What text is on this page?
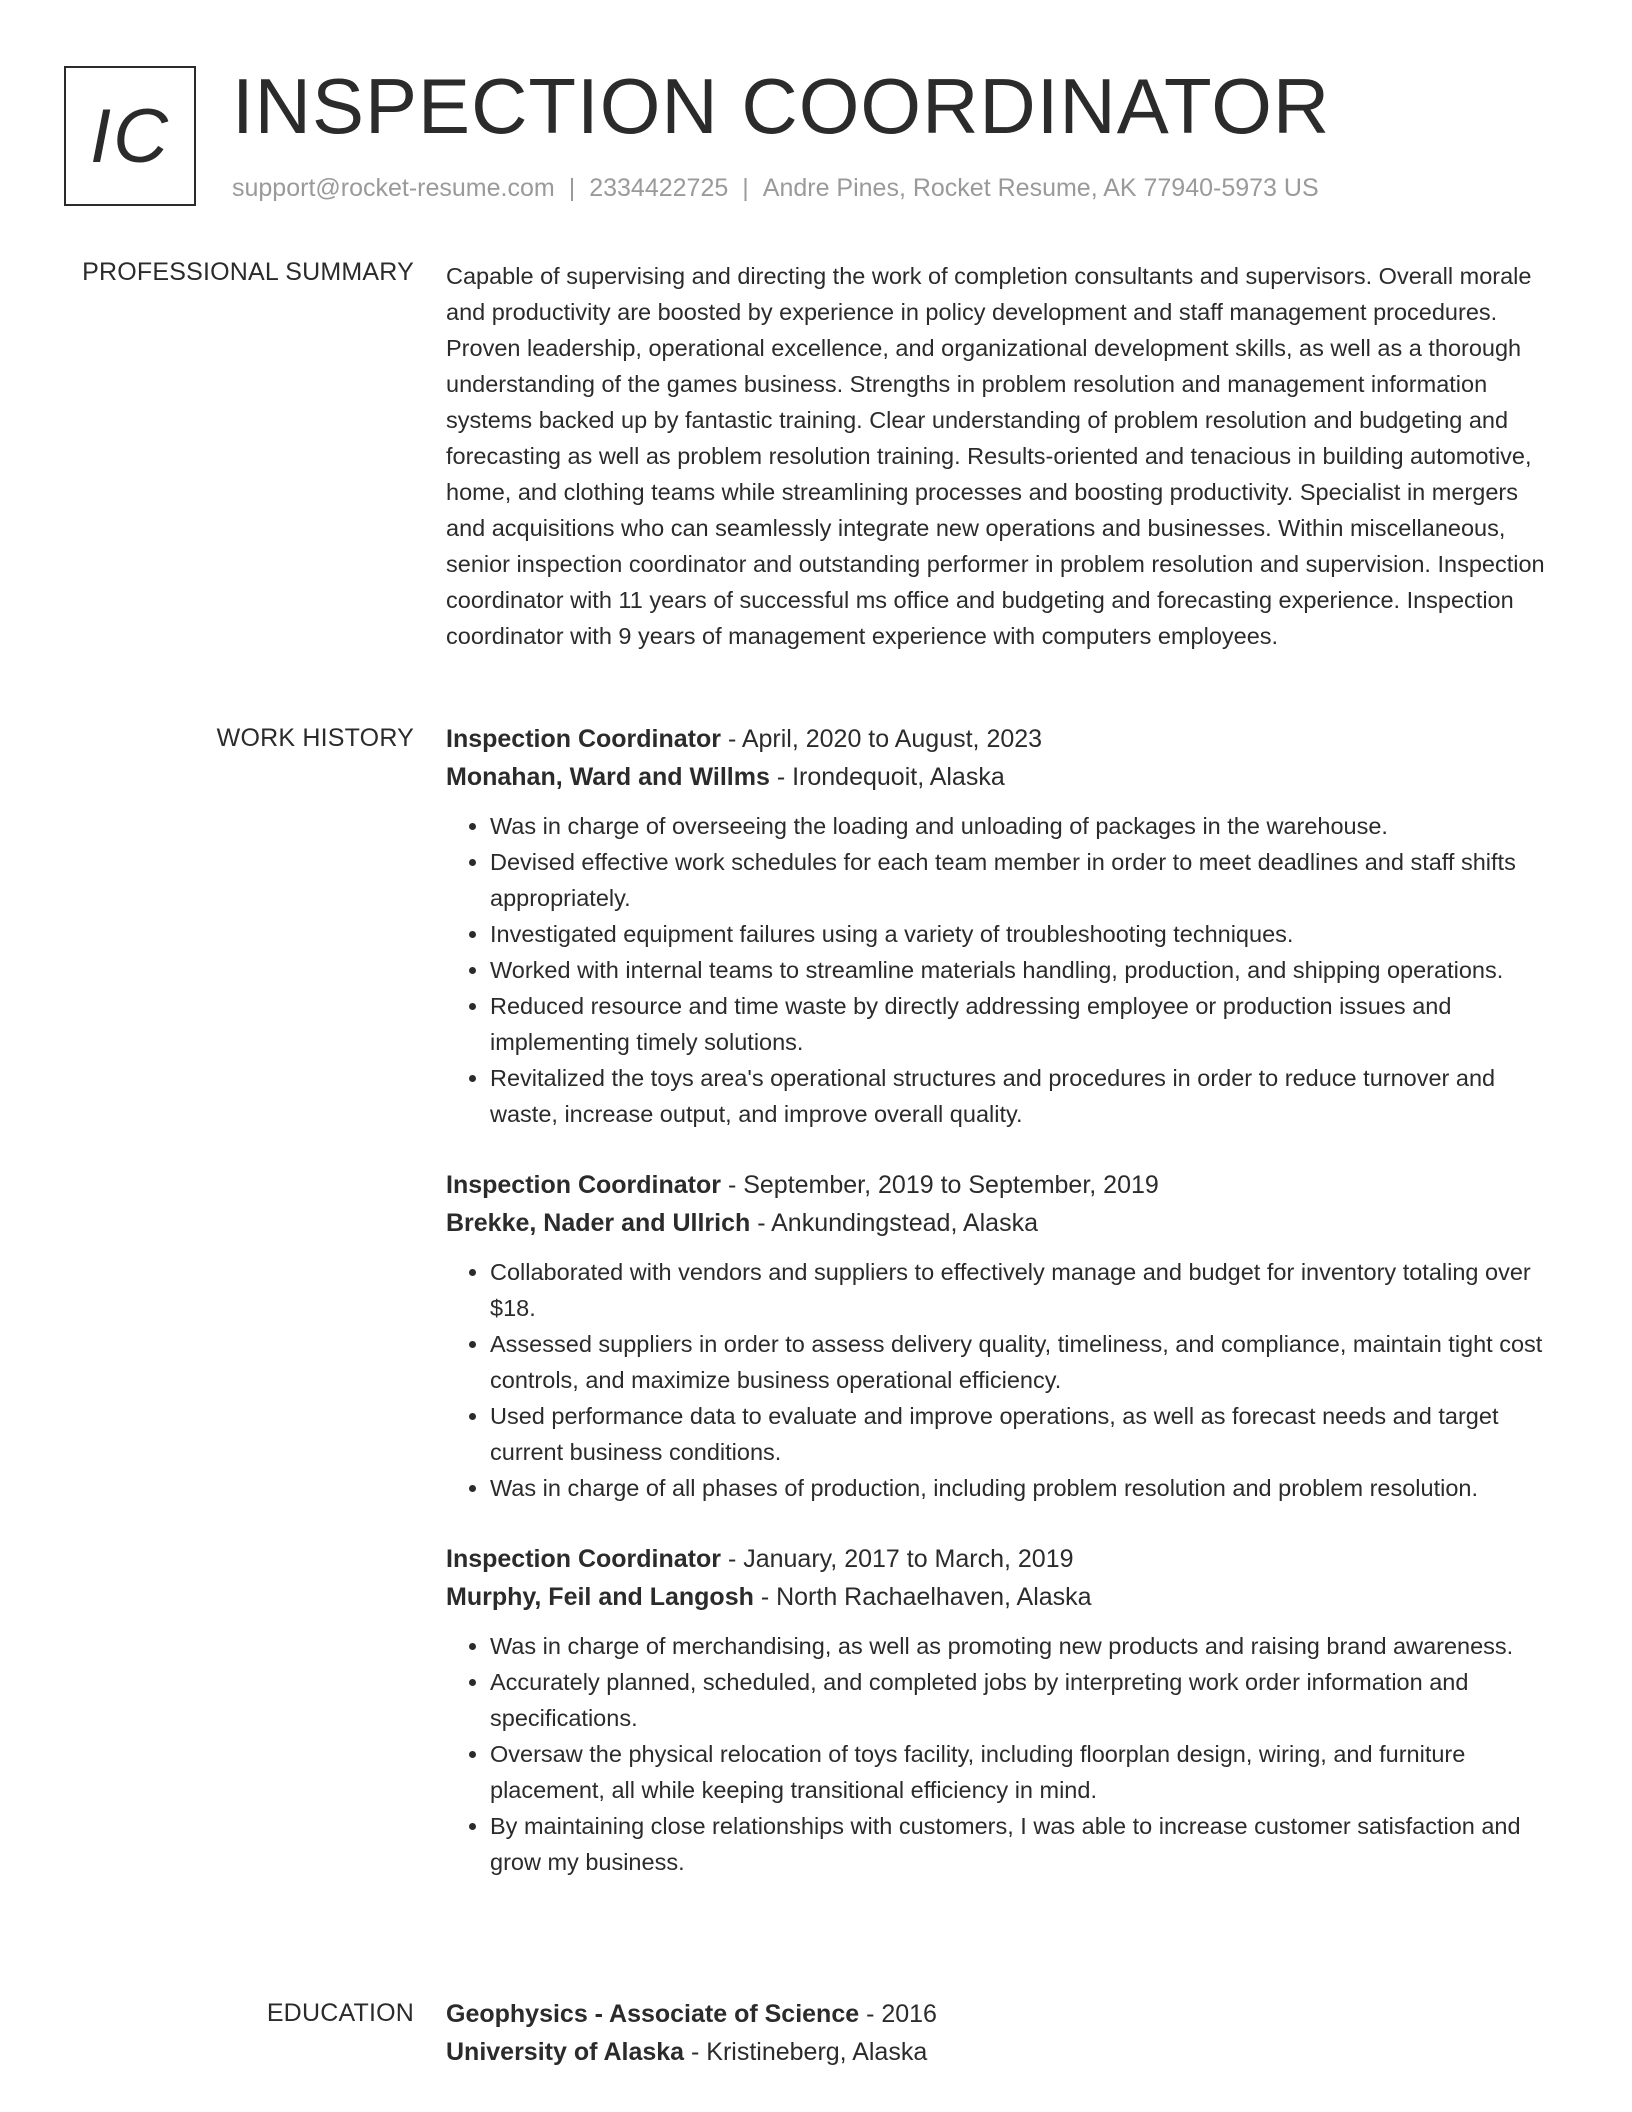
IC INSPECTION COORDINATOR
support@rocket-resume.com | 2334422725 | Andre Pines, Rocket Resume, AK 77940-5973 US
PROFESSIONAL SUMMARY Capable of supervising and directing the work of completion consultants and supervisors. Overall morale and productivity are boosted by experience in policy development and staff management procedures. Proven leadership, operational excellence, and organizational development skills, as well as a thorough understanding of the games business. Strengths in problem resolution and management information systems backed up by fantastic training. Clear understanding of problem resolution and budgeting and forecasting as well as problem resolution training. Results-oriented and tenacious in building automotive, home, and clothing teams while streamlining processes and boosting productivity. Specialist in mergers and acquisitions who can seamlessly integrate new operations and businesses. Within miscellaneous, senior inspection coordinator and outstanding performer in problem resolution and supervision. Inspection coordinator with 11 years of successful ms office and budgeting and forecasting experience. Inspection coordinator with 9 years of management experience with computers employees.
WORK HISTORY Inspection Coordinator - April, 2020 to August, 2023
Monahan, Ward and Willms - Irondequoit, Alaska
• Was in charge of overseeing the loading and unloading of packages in the warehouse.
• Devised effective work schedules for each team member in order to meet deadlines and staff shifts appropriately.
• Investigated equipment failures using a variety of troubleshooting techniques.
• Worked with internal teams to streamline materials handling, production, and shipping operations.
• Reduced resource and time waste by directly addressing employee or production issues and implementing timely solutions.
• Revitalized the toys area's operational structures and procedures in order to reduce turnover and waste, increase output, and improve overall quality.
Inspection Coordinator - September, 2019 to September, 2019
Brekke, Nader and Ullrich - Ankundingstead, Alaska
• Collaborated with vendors and suppliers to effectively manage and budget for inventory totaling over $18.
• Assessed suppliers in order to assess delivery quality, timeliness, and compliance, maintain tight cost controls, and maximize business operational efficiency.
• Used performance data to evaluate and improve operations, as well as forecast needs and target current business conditions.
• Was in charge of all phases of production, including problem resolution and problem resolution.
Inspection Coordinator - January, 2017 to March, 2019
Murphy, Feil and Langosh - North Rachaelhaven, Alaska
• Was in charge of merchandising, as well as promoting new products and raising brand awareness.
• Accurately planned, scheduled, and completed jobs by interpreting work order information and specifications.
• Oversaw the physical relocation of toys facility, including floorplan design, wiring, and furniture placement, all while keeping transitional efficiency in mind.
• By maintaining close relationships with customers, I was able to increase customer satisfaction and grow my business.
EDUCATION Geophysics - Associate of Science - 2016
University of Alaska - Kristineberg, Alaska
